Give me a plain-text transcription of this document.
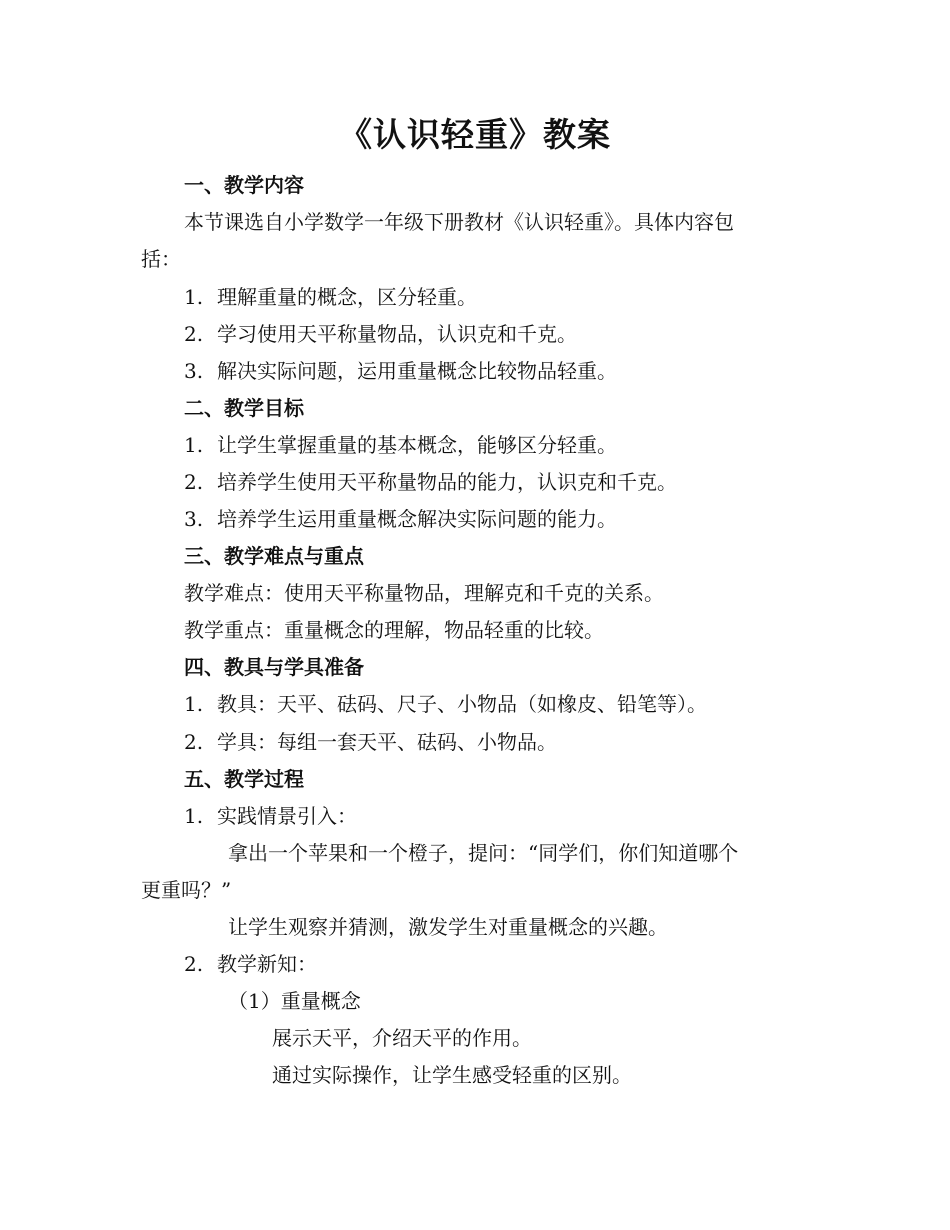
《认识轻重》教案
一、教学内容
本节课选自小学数学一年级下册教材《认识轻重》。具体内容包
括：
1. 理解重量的概念，区分轻重。
2. 学习使用天平称量物品，认识克和千克。
3. 解决实际问题，运用重量概念比较物品轻重。
二、教学目标
1. 让学生掌握重量的基本概念，能够区分轻重。
2. 培养学生使用天平称量物品的能力，认识克和千克。
3. 培养学生运用重量概念解决实际问题的能力。
三、教学难点与重点
教学难点：使用天平称量物品，理解克和千克的关系。
教学重点：重量概念的理解，物品轻重的比较。
四、教具与学具准备
1. 教具：天平、砝码、尺子、小物品（如橡皮、铅笔等）。
2. 学具：每组一套天平、砝码、小物品。
五、教学过程
1. 实践情景引入：
拿出一个苹果和一个橙子，提问：“同学们，你们知道哪个
更重吗？”
让学生观察并猜测，激发学生对重量概念的兴趣。
2. 教学新知：
（1）重量概念
展示天平，介绍天平的作用。
通过实际操作，让学生感受轻重的区别。
